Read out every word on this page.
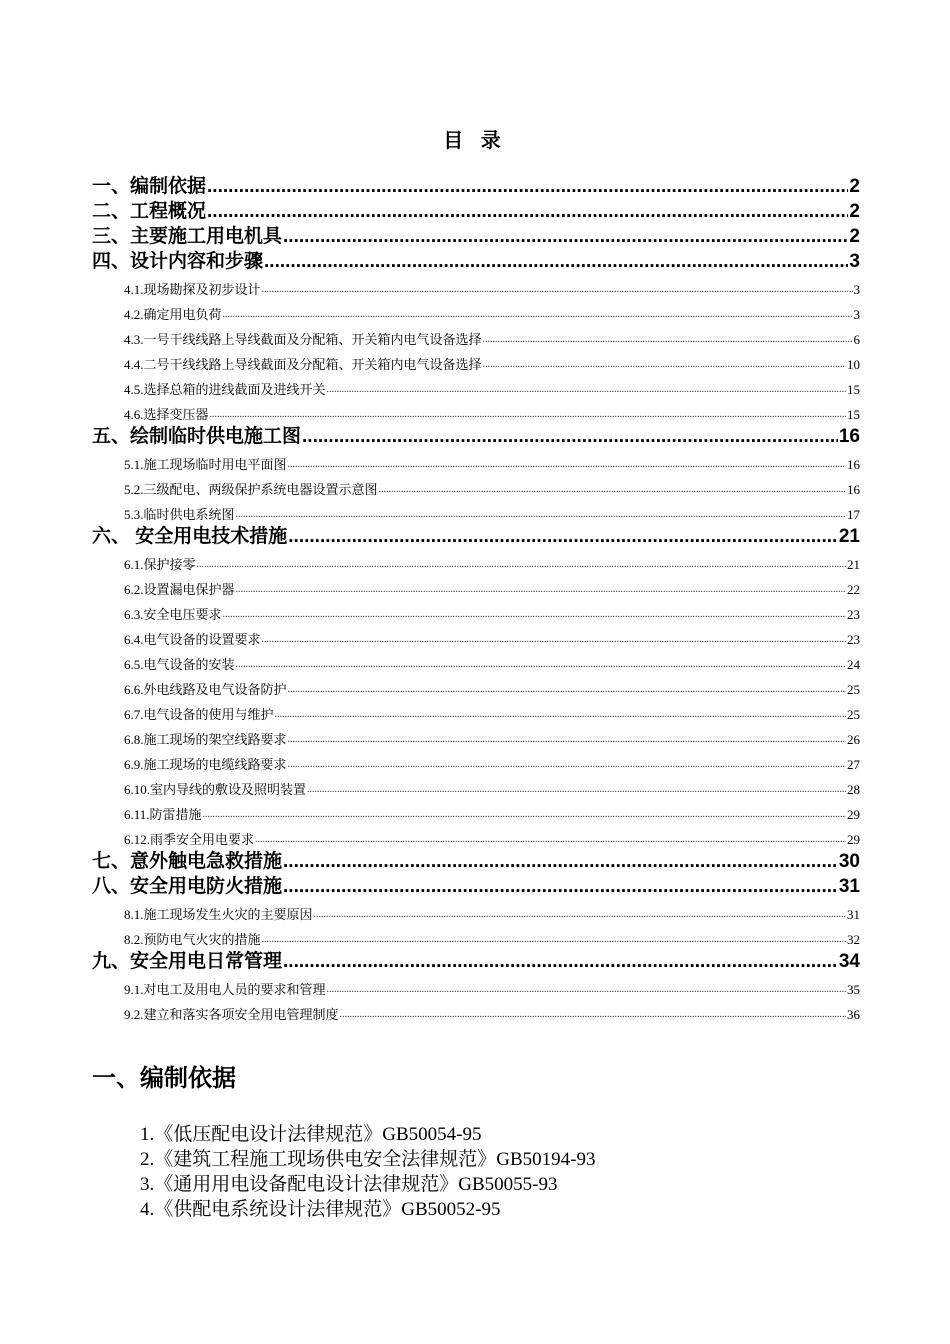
目 录
一、编制依据 .....	2
二、工程概况 .....	2
三、主要施工用电机具 .....	2
四、设计内容和步骤 .....	3
4.1.现场勘探及初步设计 .....	3
4.2.确定用电负荷 .....	3
4.3.一号干线线路上导线截面及分配箱、开关箱内电气设备选择 .....	6
4.4.二号干线线路上导线截面及分配箱、开关箱内电气设备选择 .....	10
4.5.选择总箱的进线截面及进线开关 .....	15
4.6.选择变压器 .....	15
五、绘制临时供电施工图 .....	16
5.1.施工现场临时用电平面图 .....	16
5.2.三级配电、两级保护系统电器设置示意图 .....	16
5.3.临时供电系统图 .....	17
六、 安全用电技术措施 .....	21
6.1.保护接零 .....	21
6.2.设置漏电保护器 .....	22
6.3.安全电压要求 .....	23
6.4.电气设备的设置要求 .....	23
6.5.电气设备的安装 .....	24
6.6.外电线路及电气设备防护 .....	25
6.7.电气设备的使用与维护 .....	25
6.8.施工现场的架空线路要求 .....	26
6.9.施工现场的电缆线路要求 .....	27
6.10.室内导线的敷设及照明装置 .....	28
6.11.防雷措施 .....	29
6.12.雨季安全用电要求 .....	29
七、意外触电急救措施 .....	30
八、安全用电防火措施 .....	31
8.1.施工现场发生火灾的主要原因 .....	31
8.2.预防电气火灾的措施 .....	32
九、安全用电日常管理 .....	34
9.1.对电工及用电人员的要求和管理 .....	35
9.2.建立和落实各项安全用电管理制度 .....	36
一、编制依据
1.《低压配电设计法律规范》GB50054-95
2.《建筑工程施工现场供电安全法律规范》GB50194-93
3.《通用用电设备配电设计法律规范》GB50055-93
4.《供配电系统设计法律规范》GB50052-95
